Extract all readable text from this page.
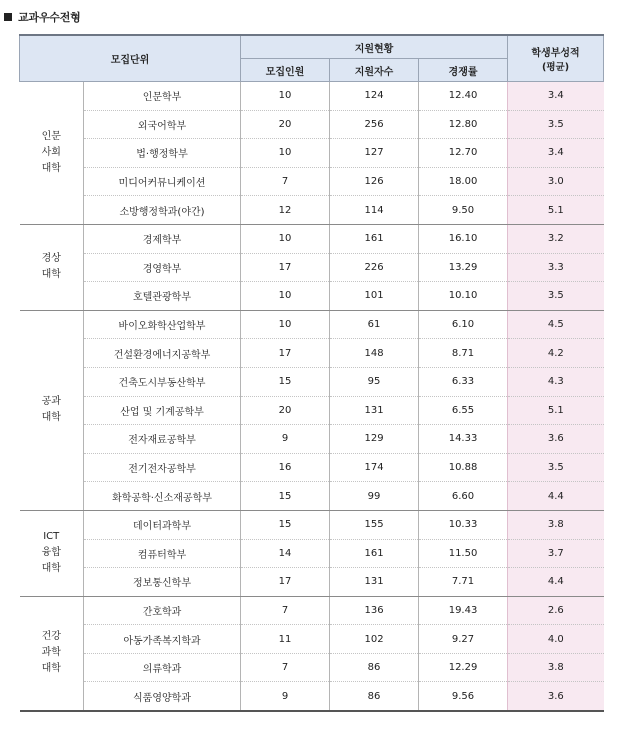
교과우수전형
모집단위		지원현황			학생부성적
(평균)

		모집인원	지원자수	경쟁률	
인문
사회
대학	인문학부	10	124	12.40	3.4
	외국어학부	20	256	12.80	3.5
	법·행정학부	10	127	12.70	3.4
	미디어커뮤니케이션	7	126	18.00	3.0
	소방행정학과(야간)	12	114	9.50	5.1
경상
대학	경제학부	10	161	16.10	3.2
	경영학부	17	226	13.29	3.3
	호텔관광학부	10	101	10.10	3.5
공과
대학	바이오화학산업학부	10	61	6.10	4.5
	건설환경에너지공학부	17	148	8.71	4.2
	건축도시부동산학부	15	95	6.33	4.3
	산업 및 기계공학부	20	131	6.55	5.1
	전자재료공학부	9	129	14.33	3.6
	전기전자공학부	16	174	10.88	3.5
	화학공학·신소재공학부	15	99	6.60	4.4
ICT
융합
대학	데이터과학부	15	155	10.33	3.8
	컴퓨터학부	14	161	11.50	3.7
	정보통신학부	17	131	7.71	4.4
건강
과학
대학	간호학과	7	136	19.43	2.6
	아동가족복지학과	11	102	9.27	4.0
	의류학과	7	86	12.29	3.8
	식품영양학과	9	86	9.56	3.6
